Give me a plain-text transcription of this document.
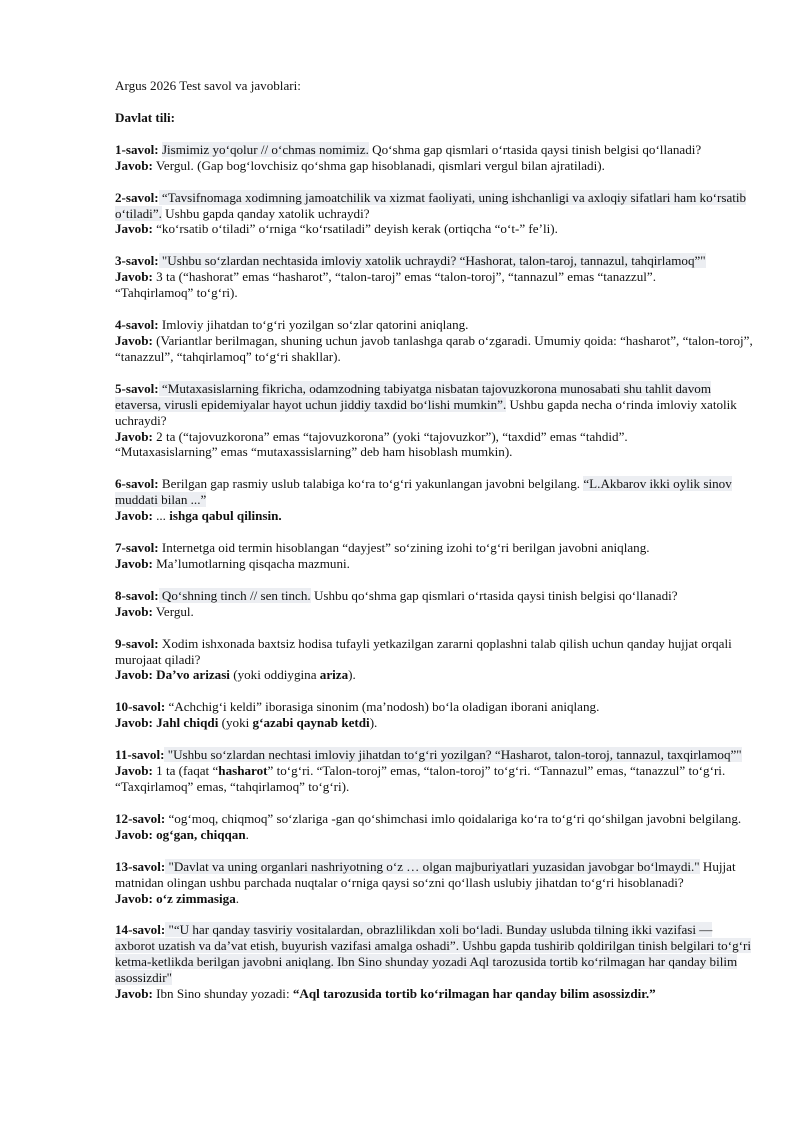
Argus 2026 Test savol va javoblari:

Davlat tili:

1-savol: Jismimiz yo‘qolur // o‘chmas nomimiz. Qo‘shma gap qismlari o‘rtasida qaysi tinish belgisi qo‘llanadi?

Javob: Vergul. (Gap bog‘lovchisiz qo‘shma gap hisoblanadi, qismlari vergul bilan ajratiladi).

2-savol: “Tavsifnomaga xodimning jamoatchilik va xizmat faoliyati, uning ishchanligi va axloqiy sifatlari ham ko‘rsatib o‘tiladi”. Ushbu gapda qanday xatolik uchraydi?

Javob: “ko‘rsatib o‘tiladi” o‘rniga “ko‘rsatiladi” deyish kerak (ortiqcha “o‘t-” fe’li).

3-savol: "Ushbu so‘zlardan nechtasida imloviy xatolik uchraydi? “Hashorat, talon-taroj, tannazul, tahqirlamoq”"

Javob: 3 ta (“hashorat” emas “hasharot”, “talon-taroj” emas “talon-toroj”, “tannazul” emas “tanazzul”.
“Tahqirlamoq” to‘g‘ri).

4-savol: Imloviy jihatdan to‘g‘ri yozilgan so‘zlar qatorini aniqlang.

Javob: (Variantlar berilmagan, shuning uchun javob tanlashga qarab o‘zgaradi. Umumiy qoida: “hasharot”, “talon-toroj”, “tanazzul”, “tahqirlamoq” to‘g‘ri shakllar).

5-savol: “Mutaxasislarning fikricha, odamzodning tabiyatga nisbatan tajovuzkorona munosabati shu tahlit davom etaversa, virusli epidemiyalar hayot uchun jiddiy taxdid bo‘lishi mumkin”. Ushbu gapda necha o‘rinda imloviy xatolik uchraydi?

Javob: 2 ta (“tajovuzkorona” emas “tajovuzkorona” (yoki “tajovuzkor”), “taxdid” emas “tahdid”.
“Mutaxasislarning” emas “mutaxassislarning” deb ham hisoblash mumkin).

6-savol: Berilgan gap rasmiy uslub talabiga ko‘ra to‘g‘ri yakunlangan javobni belgilang. “L.Akbarov ikki oylik sinov muddati bilan ...”

Javob: ... ishga qabul qilinsin.

7-savol: Internetga oid termin hisoblangan “dayjest” so‘zining izohi to‘g‘ri berilgan javobni aniqlang.

Javob: Ma’lumotlarning qisqacha mazmuni.

8-savol: Qo‘shning tinch // sen tinch. Ushbu qo‘shma gap qismlari o‘rtasida qaysi tinish belgisi qo‘llanadi?

Javob: Vergul.

9-savol: Xodim ishxonada baxtsiz hodisa tufayli yetkazilgan zararni qoplashni talab qilish uchun qanday hujjat orqali murojaat qiladi?

Javob: Da’vo arizasi (yoki oddiygina ariza).

10-savol: “Achchig‘i keldi” iborasiga sinonim (ma’nodosh) bo‘la oladigan iborani aniqlang.

Javob: Jahl chiqdi (yoki g‘azabi qaynab ketdi).

11-savol: "Ushbu so‘zlardan nechtasi imloviy jihatdan to‘g‘ri yozilgan? “Hasharot, talon-toroj, tannazul, taxqirlamoq”"

Javob: 1 ta (faqat “hasharot” to‘g‘ri. “Talon-toroj” emas, “talon-toroj” to‘g‘ri. “Tannazul” emas, “tanazzul” to‘g‘ri.
“Taxqirlamoq” emas, “tahqirlamoq” to‘g‘ri).

12-savol: “og‘moq, chiqmoq” so‘zlariga -gan qo‘shimchasi imlo qoidalariga ko‘ra to‘g‘ri qo‘shilgan javobni belgilang.

Javob: og‘gan, chiqqan.

13-savol: "Davlat va uning organlari nashriyotning o‘z … olgan majburiyatlari yuzasidan javobgar bo‘lmaydi." Hujjat matnidan olingan ushbu parchada nuqtalar o‘rniga qaysi so‘zni qo‘llash uslubiy jihatdan to‘g‘ri hisoblanadi?

Javob: o‘z zimmasiga.

14-savol: "“U har qanday tasviriy vositalardan, obrazlilikdan xoli bo‘ladi. Bunday uslubda tilning ikki vazifasi — axborot uzatish va da’vat etish, buyurish vazifasi amalga oshadi”. Ushbu gapda tushirib qoldirilgan tinish belgilari to‘g‘ri ketma-ketlikda berilgan javobni aniqlang. Ibn Sino shunday yozadi Aql tarozusida tortib ko‘rilmagan har qanday bilim asossizdir"

Javob: Ibn Sino shunday yozadi: “Aql tarozusida tortib ko‘rilmagan har qanday bilim asossizdir.”
